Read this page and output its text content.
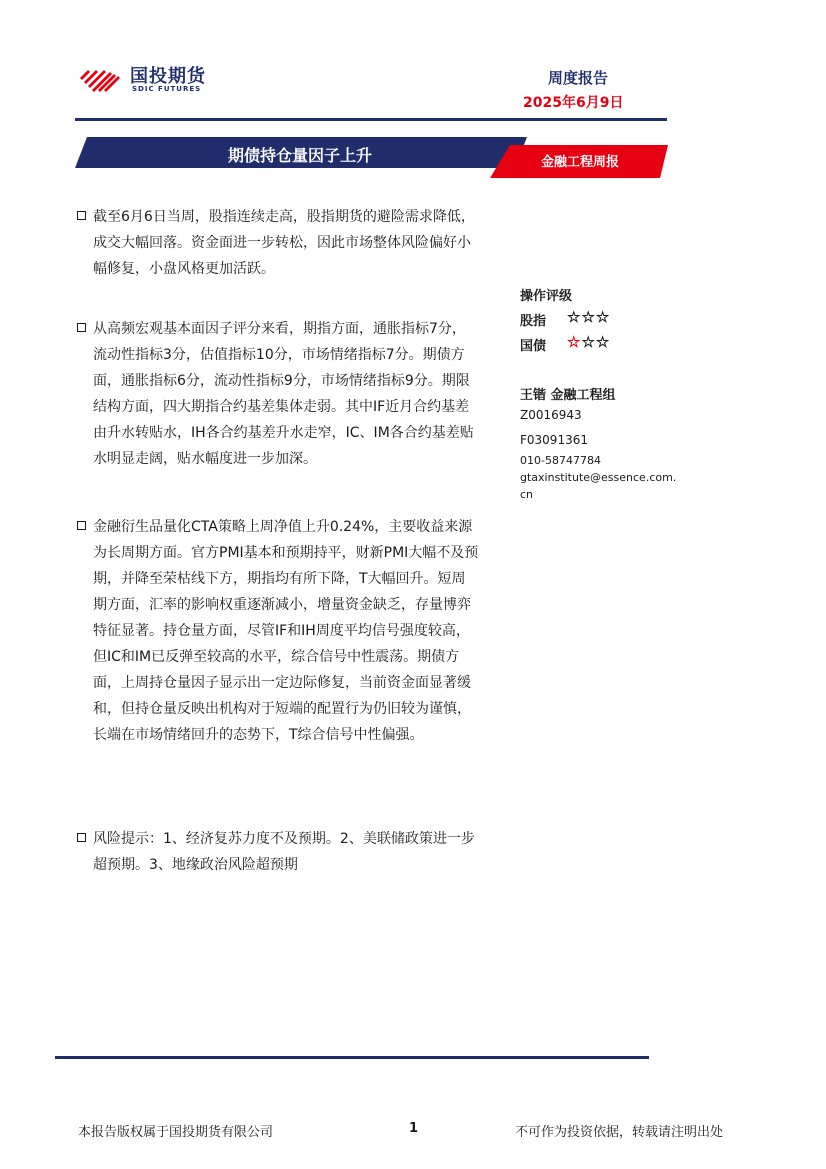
国投期货
SDIC FUTURES
周度报告
2025年6月9日
期债持仓量因子上升	金融工程周报
截至6月6日当周，股指连续走高，股指期货的避险需求降低，成交大幅回落。资金面进一步转松，因此市场整体风险偏好小幅修复，小盘风格更加活跃。
从高频宏观基本面因子评分来看，期指方面，通胀指标7分，流动性指标3分，估值指标10分，市场情绪指标7分。期债方面，通胀指标6分，流动性指标9分，市场情绪指标9分。期限结构方面，四大期指合约基差集体走弱。其中IF近月合约基差由升水转贴水，IH各合约基差升水走窄，IC、IM各合约基差贴水明显走阔，贴水幅度进一步加深。
金融衍生品量化CTA策略上周净值上升0.24%，主要收益来源为长周期方面。官方PMI基本和预期持平，财新PMI大幅不及预期，并降至荣枯线下方，期指均有所下降，T大幅回升。短周期方面，汇率的影响权重逐渐减小，增量资金缺乏，存量博弈特征显著。持仓量方面，尽管IF和IH周度平均信号强度较高，但IC和IM已反弹至较高的水平，综合信号中性震荡。期债方面，上周持仓量因子显示出一定边际修复，当前资金面显著缓和，但持仓量反映出机构对于短端的配置行为仍旧较为谨慎，长端在市场情绪回升的态势下，T综合信号中性偏强。
风险提示：1、经济复苏力度不及预期。2、美联储政策进一步超预期。3、地缘政治风险超预期
操作评级
股指 ☆☆☆
国债 ☆☆☆
王锴 金融工程组
Z0016943
F03091361
010-58747784
gtaxinstitute@essence.com.cn
本报告版权属于国投期货有限公司	1	不可作为投资依据，转载请注明出处
